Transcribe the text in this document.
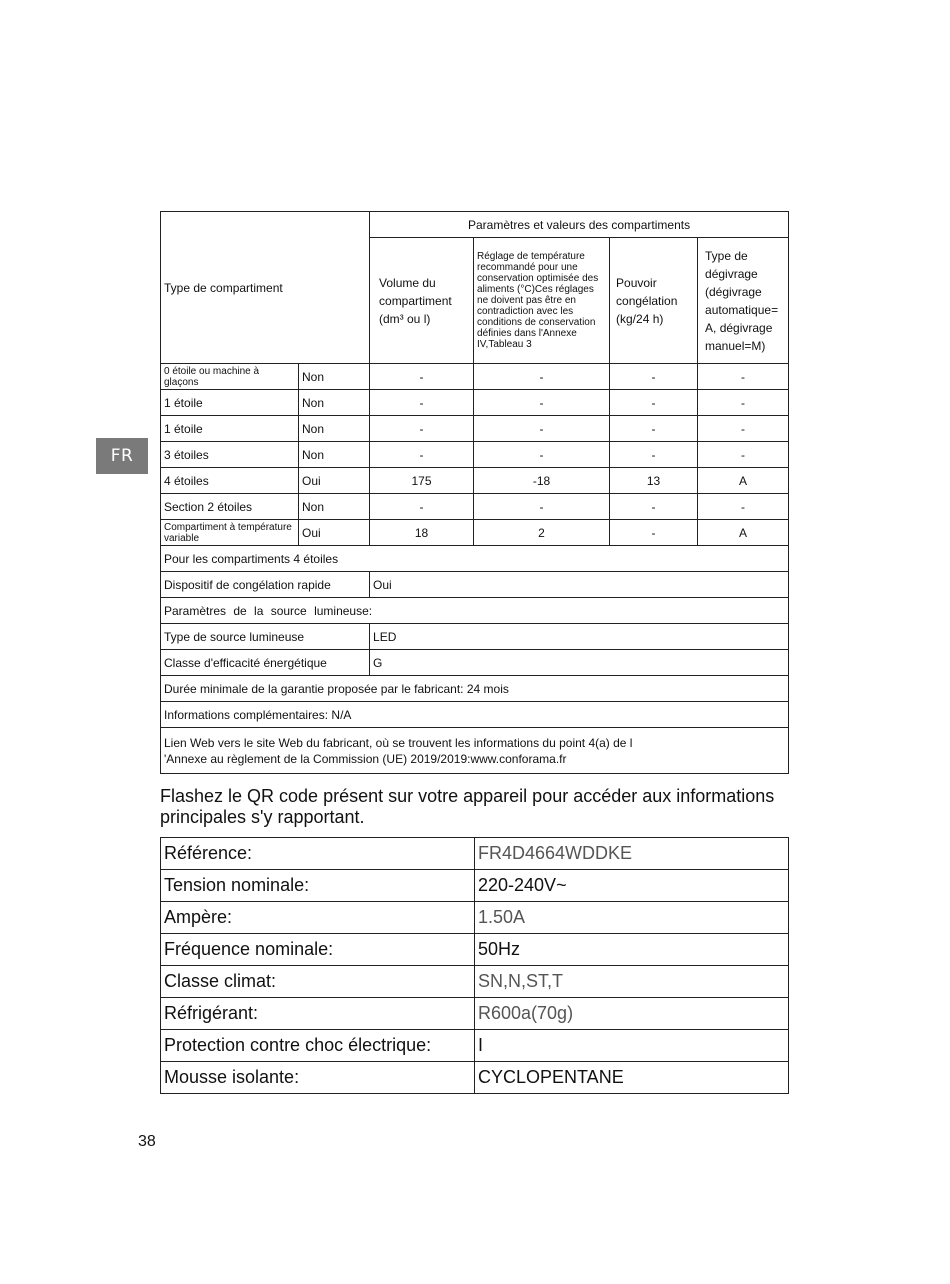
FR
Type de compartiment		Paramètres et valeurs des compartiments			
		Volume du compartiment (dm³ ou l)	Réglage de température recommandé pour une conservation optimisée des aliments (°C)Ces réglages ne doivent pas être en contradiction avec les conditions de conservation définies dans l'Annexe IV,Tableau 3	Pouvoir congélation (kg/24 h)	Type de dégivrage (dégivrage automatique= A, dégivrage manuel=M)
0 étoile ou machine à glaçons	Non	-	-	-	-
1 étoile	Non	-	-	-	-
1 étoile	Non	-	-	-	-
3 étoiles	Non	-	-	-	-
4 étoiles	Oui	175	-18	13	A
Section 2 étoiles	Non	-	-	-	-
Compartiment à température variable	Oui	18	2	-	A
Pour les compartiments 4 étoiles					
Dispositif de congélation rapide		Oui			
Paramètres de la source lumineuse:					
Type de source lumineuse		LED			
Classe d'efficacité énergétique		G			
Durée minimale de la garantie proposée par le fabricant: 24 mois					
Informations complémentaires: N/A					

Lien Web vers le site Web du fabricant, où se trouvent les informations du point 4(a) de l
'Annexe au règlement de la Commission (UE) 2019/2019:www.conforama.fr					

Flashez le QR code présent sur votre appareil pour accéder aux informations principales s'y rapportant.

Référence:	FR4D4664WDDKE
Tension nominale:	220-240V~
Ampère:	1.50A
Fréquence nominale:	50Hz
Classe climat:	SN,N,ST,T
Réfrigérant:	R600a(70g)
Protection contre choc électrique:	I
Mousse isolante:	CYCLOPENTANE
38
